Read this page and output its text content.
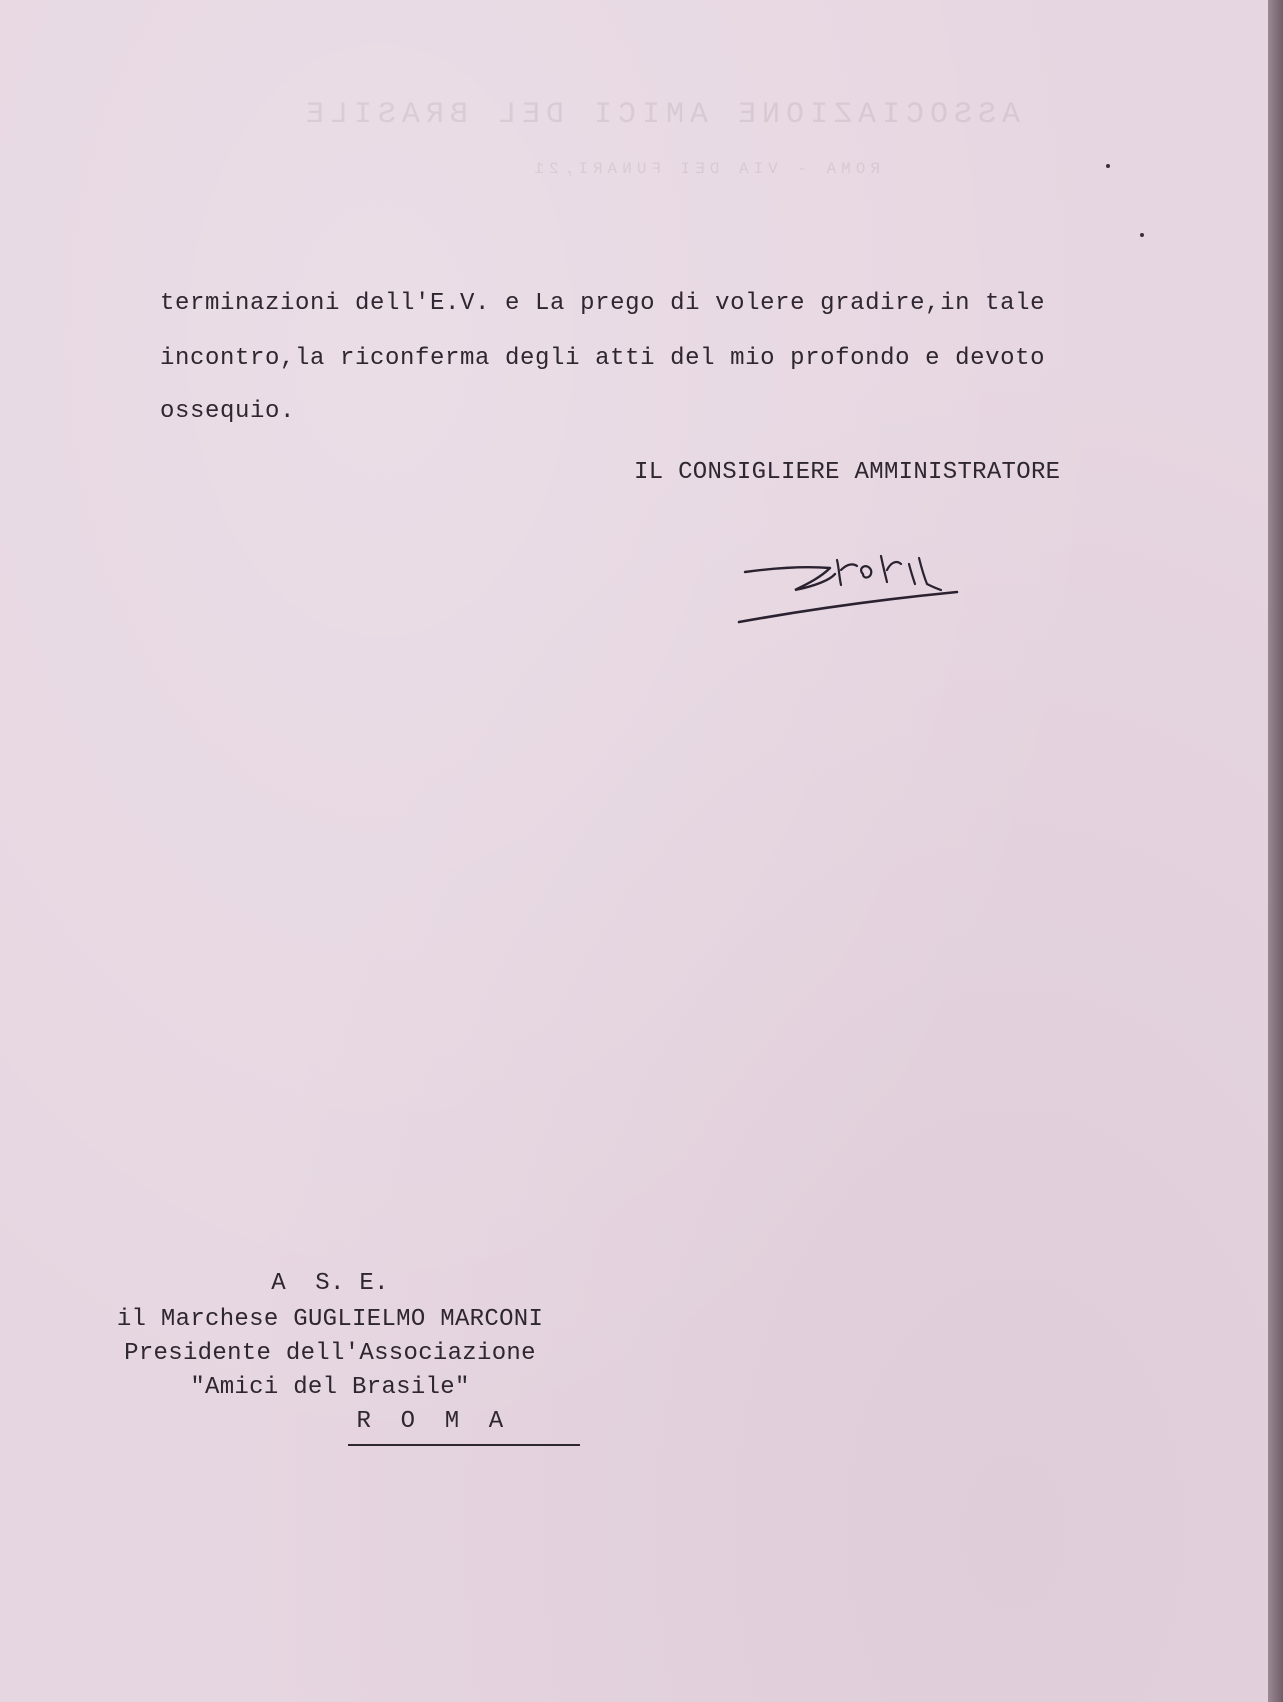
ASSOCIAZIONE AMICI DEL BRASILE
ROMA - VIA DEI FUNARI,21
terminazioni dell'E.V. e La prego di volere gradire,in tale
incontro,la riconferma degli atti del mio profondo e devoto
ossequio.
IL CONSIGLIERE AMMINISTRATORE
A  S. E.
il Marchese GUGLIELMO MARCONI
Presidente dell'Associazione
"Amici del Brasile"
R  O  M  A
